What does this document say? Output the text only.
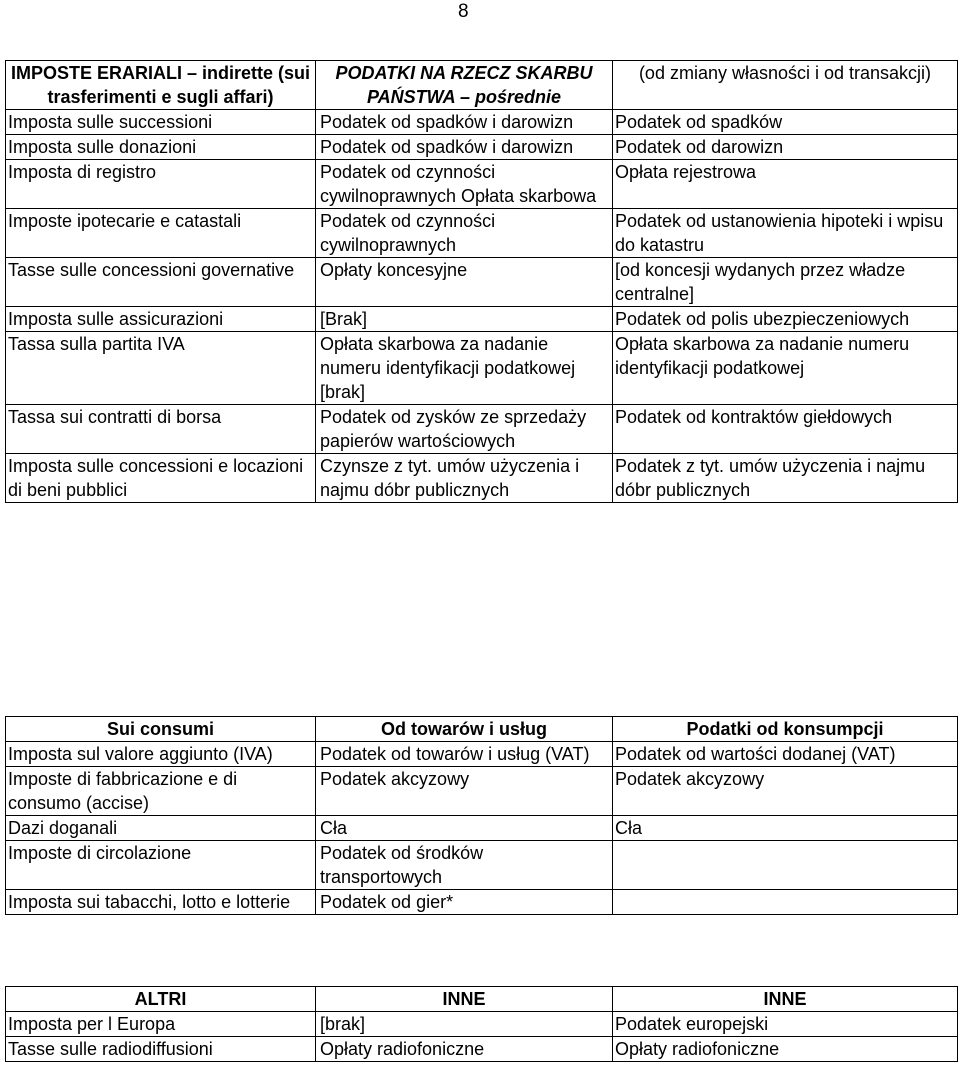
8
IMPOSTE ERARIALI – indirette (sui trasferimenti e sugli affari)	PODATKI NA RZECZ SKARBU PAŃSTWA – pośrednie	(od zmiany własności i od transakcji)
Imposta sulle successioni	Podatek od spadków i darowizn	Podatek od spadków
Imposta sulle donazioni	Podatek od spadków i darowizn	Podatek od darowizn
Imposta di registro	Podatek od czynności cywilnoprawnych Opłata skarbowa	Opłata rejestrowa
Imposte ipotecarie e catastali	Podatek od czynności cywilnoprawnych	Podatek od ustanowienia hipoteki i wpisu do katastru
Tasse sulle concessioni governative	Opłaty koncesyjne	[od koncesji wydanych przez władze centralne]
Imposta sulle assicurazioni	[Brak]	Podatek od polis ubezpieczeniowych
Tassa sulla partita IVA	Opłata skarbowa za nadanie numeru identyfikacji podatkowej [brak]	Opłata skarbowa za nadanie numeru identyfikacji podatkowej
Tassa sui contratti di borsa	Podatek od zysków ze sprzedaży papierów wartościowych	Podatek od kontraktów giełdowych
Imposta sulle concessioni e locazioni di beni pubblici	Czynsze z tyt. umów użyczenia i najmu dóbr publicznych	Podatek z tyt. umów użyczenia i najmu dóbr publicznych
Sui consumi	Od towarów i usług	Podatki od konsumpcji
Imposta sul valore aggiunto (IVA)	Podatek od towarów i usług (VAT)	Podatek od wartości dodanej (VAT)
Imposte di fabbricazione e di consumo (accise)	Podatek akcyzowy	Podatek akcyzowy
Dazi doganali	Cła	Cła
Imposte di circolazione	Podatek od środków transportowych	
Imposta sui tabacchi, lotto e lotterie	Podatek od gier*	
ALTRI	INNE	INNE
Imposta per l Europa	[brak]	Podatek europejski
Tasse sulle radiodiffusioni	Opłaty radiofoniczne	Opłaty radiofoniczne
